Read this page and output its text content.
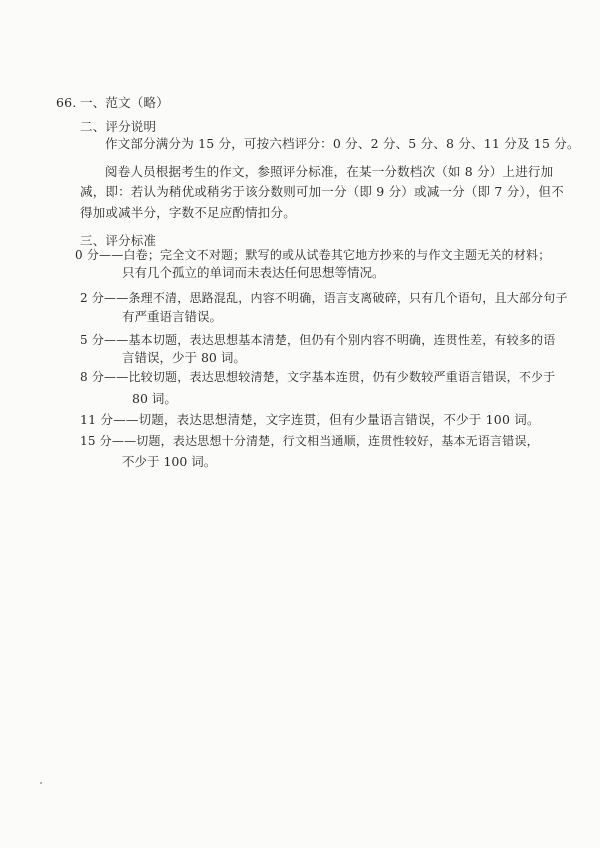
66. 一、范文（略）
二、评分说明
作文部分满分为 15 分，可按六档评分：0 分、2 分、5 分、8 分、11 分及 15 分。
阅卷人员根据考生的作文，参照评分标准，在某一分数档次（如 8 分）上进行加
减，即：若认为稍优或稍劣于该分数则可加一分（即 9 分）或减一分（即 7 分），但不
得加或减半分，字数不足应酌情扣分。
三、评分标准
0 分——白卷；完全文不对题；默写的或从试卷其它地方抄来的与作文主题无关的材料；
只有几个孤立的单词而未表达任何思想等情况。
2 分——条理不清，思路混乱，内容不明确，语言支离破碎，只有几个语句，且大部分句子
有严重语言错误。
5 分——基本切题，表达思想基本清楚，但仍有个别内容不明确，连贯性差，有较多的语
言错误，少于 80 词。
8 分——比较切题，表达思想较清楚，文字基本连贯，仍有少数较严重语言错误，不少于
80 词。
11 分——切题，表达思想清楚，文字连贯，但有少量语言错误，不少于 100 词。
15 分——切题，表达思想十分清楚，行文相当通顺，连贯性较好，基本无语言错误，
不少于 100 词。
